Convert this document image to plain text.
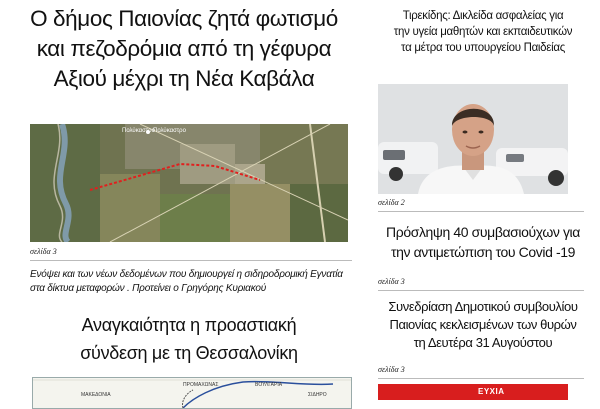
Ο δήμος Παιονίας ζητά φωτισμό
και πεζοδρόμια από τη γέφυρα
Αξιού μέχρι τη Νέα Καβάλα
Πολύκαστρο
Πολύκαστρο
σελίδα 3
Ενόψει και των νέων δεδομένων που δημιουργεί η σιδηροδρομική Εγνατία
στα δίκτυα μεταφορών . Προτείνει ο Γρηγόρης Κυριακού
Αναγκαιότητα η προαστιακή
σύνδεση με τη Θεσσαλονίκη
ΠΡΟΜΑΧΩΝΑΣ	ΒΟΥΛΓΑΡΙΑ
ΣΙΔΗΡΟ
ΜΑΚΕΔΟΝΙΑ
Τιρεκίδης: Δικλείδα ασφαλείας για
την υγεία μαθητών και εκπαιδευτικών
τα μέτρα του υπουργείου Παιδείας
σελίδα 2
Πρόσληψη 40 συμβασιούχων για
την αντιμετώπιση του Covid -19
σελίδα 3
Συνεδρίαση Δημοτικού συμβουλίου
Παιονίας κεκλεισμένων των θυρών
τη Δευτέρα 31 Αυγούστου
σελίδα 3
ΕΥΧΙΑ
